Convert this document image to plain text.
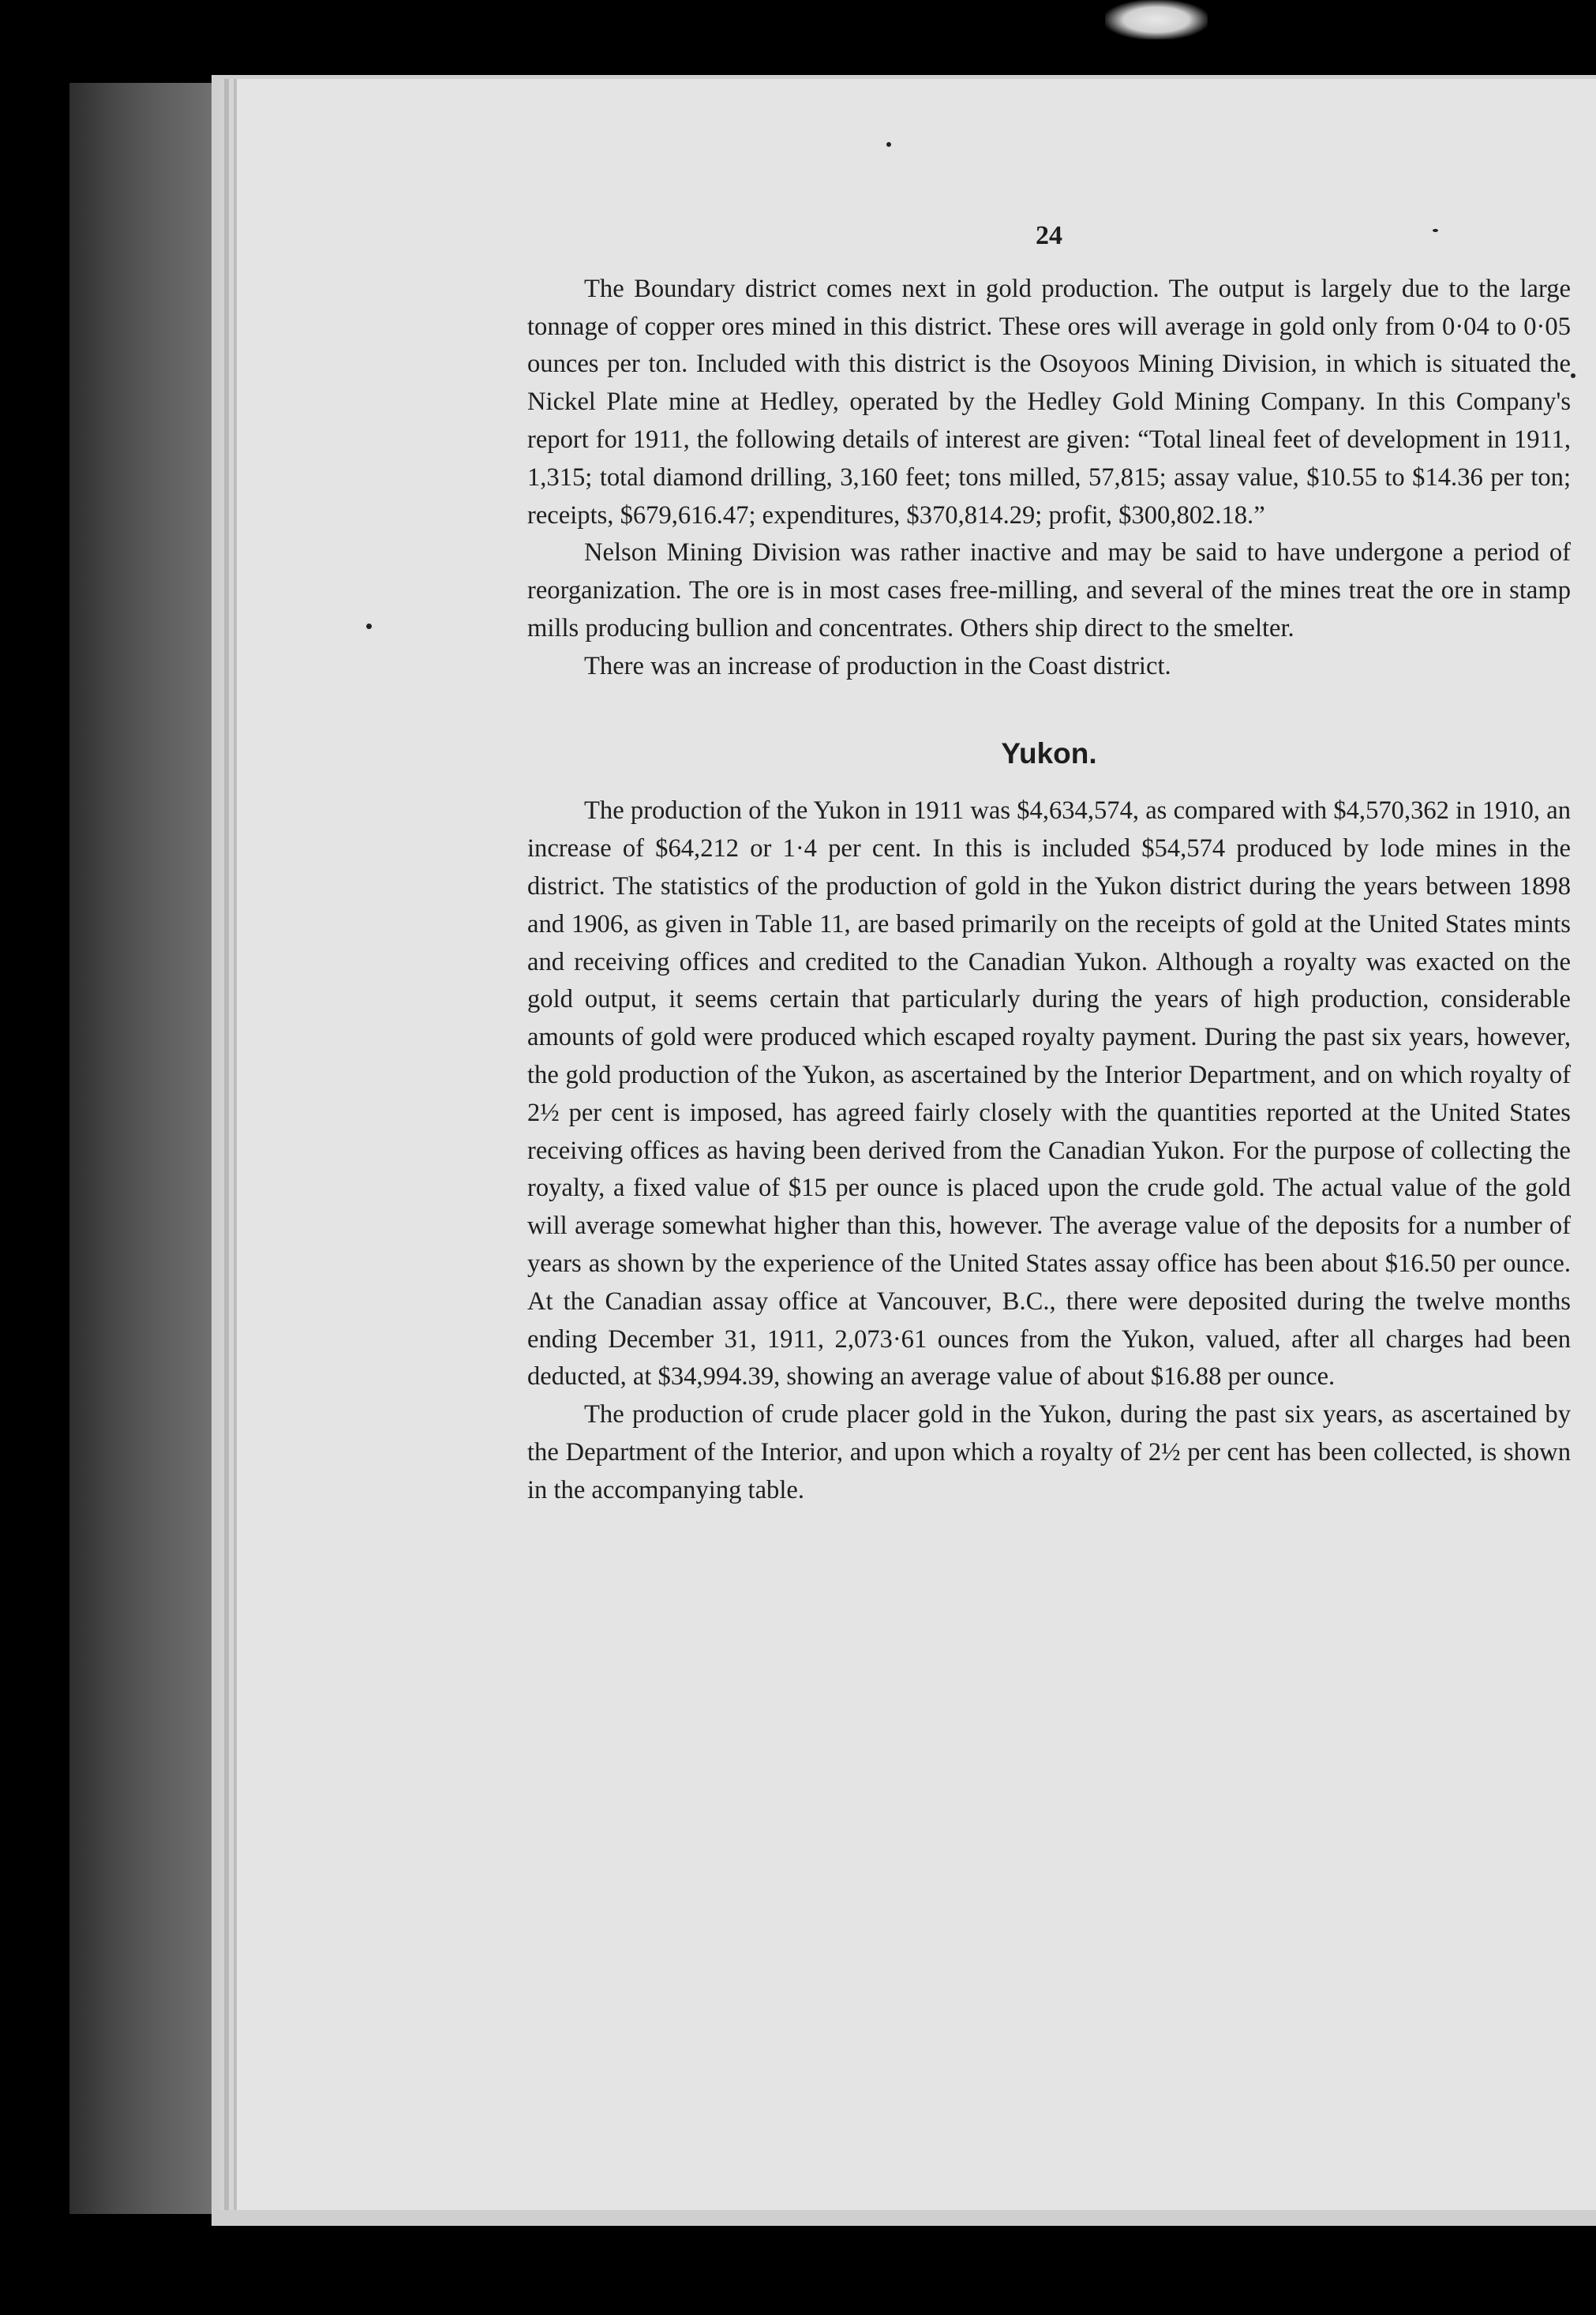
24

The Boundary district comes next in gold production. The output is largely due to the large tonnage of copper ores mined in this district. These ores will average in gold only from 0·04 to 0·05 ounces per ton. Included with this district is the Osoyoos Mining Division, in which is situated the Nickel Plate mine at Hedley, operated by the Hedley Gold Mining Company. In this Company's report for 1911, the following details of interest are given: “Total lineal feet of development in 1911, 1,315; total diamond drilling, 3,160 feet; tons milled, 57,815; assay value, $10.55 to $14.36 per ton; receipts, $679,616.47; expenditures, $370,814.29; profit, $300,802.18.”

Nelson Mining Division was rather inactive and may be said to have undergone a period of reorganization. The ore is in most cases free-milling, and several of the mines treat the ore in stamp mills producing bullion and concentrates. Others ship direct to the smelter.

There was an increase of production in the Coast district.

Yukon.

The production of the Yukon in 1911 was $4,634,574, as compared with $4,570,362 in 1910, an increase of $64,212 or 1·4 per cent. In this is included $54,574 produced by lode mines in the district. The statistics of the production of gold in the Yukon district during the years between 1898 and 1906, as given in Table 11, are based primarily on the receipts of gold at the United States mints and receiving offices and credited to the Canadian Yukon. Although a royalty was exacted on the gold output, it seems certain that particularly during the years of high production, considerable amounts of gold were produced which escaped royalty payment. During the past six years, however, the gold production of the Yukon, as ascertained by the Interior Department, and on which royalty of 2½ per cent is imposed, has agreed fairly closely with the quantities reported at the United States receiving offices as having been derived from the Canadian Yukon. For the purpose of collecting the royalty, a fixed value of $15 per ounce is placed upon the crude gold. The actual value of the gold will average somewhat higher than this, however. The average value of the deposits for a number of years as shown by the experience of the United States assay office has been about $16.50 per ounce. At the Canadian assay office at Vancouver, B.C., there were deposited during the twelve months ending December 31, 1911, 2,073·61 ounces from the Yukon, valued, after all charges had been deducted, at $34,994.39, showing an average value of about $16.88 per ounce.

The production of crude placer gold in the Yukon, during the past six years, as ascertained by the Department of the Interior, and upon which a royalty of 2½ per cent has been collected, is shown in the accompanying table.
